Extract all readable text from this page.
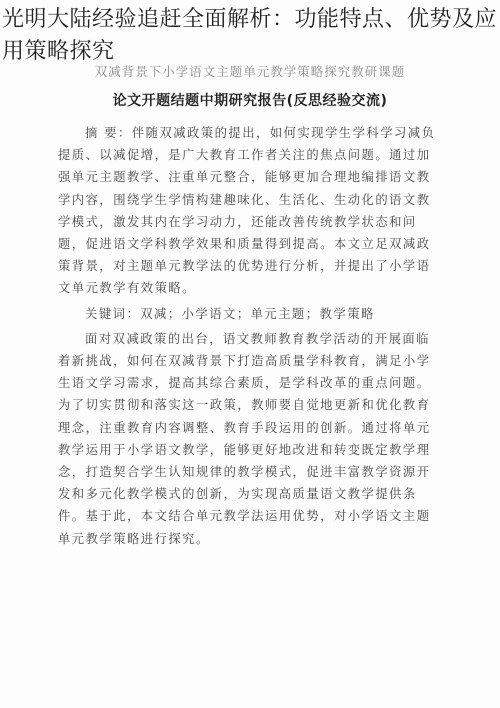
光明大陆经验追赶全面解析：功能特点、优势及应用策略探究
双减背景下小学语文主题单元教学策略探究教研课题
论文开题结题中期研究报告(反思经验交流)

摘 要：伴随双减政策的提出，如何实现学生学科学习减负提质、以减促增，是广大教育工作者关注的焦点问题。通过加强单元主题教学、注重单元整合，能够更加合理地编排语文教学内容，围绕学生学情构建趣味化、生活化、生动化的语文教学模式，激发其内在学习动力，还能改善传统教学状态和问题，促进语文学科教学效果和质量得到提高。本文立足双减政策背景，对主题单元教学法的优势进行分析，并提出了小学语文单元教学有效策略。

关键词：双减；小学语文；单元主题；教学策略

面对双减政策的出台，语文教师教育教学活动的开展面临着新挑战，如何在双减背景下打造高质量学科教育，满足小学生语文学习需求，提高其综合素质，是学科改革的重点问题。为了切实贯彻和落实这一政策，教师要自觉地更新和优化教育理念，注重教育内容调整、教育手段运用的创新。通过将单元教学运用于小学语文教学，能够更好地改进和转变既定教学理念，打造契合学生认知规律的教学模式，促进丰富教学资源开发和多元化教学模式的创新，为实现高质量语文教学提供条件。基于此，本文结合单元教学法运用优势，对小学语文主题单元教学策略进行探究。
